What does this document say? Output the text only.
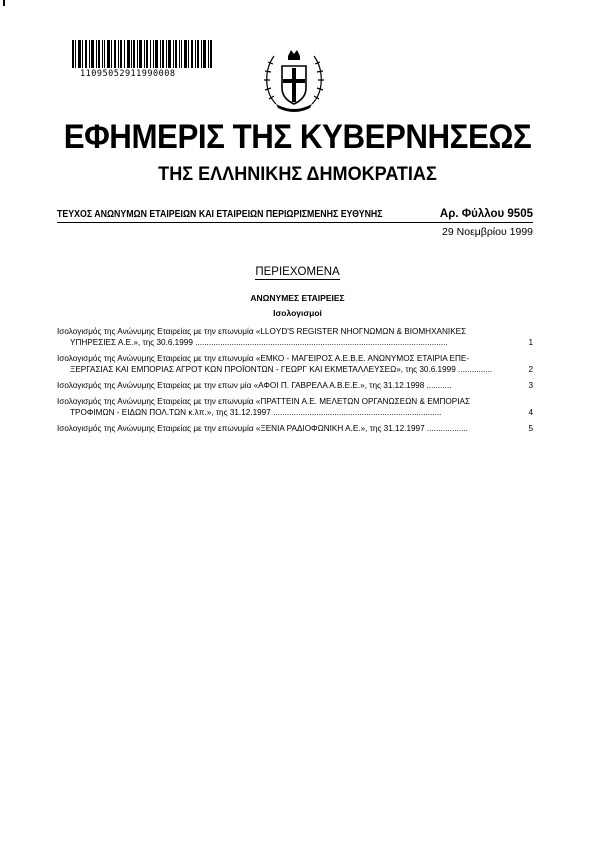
11095052911990008
ΕΦΗΜΕΡΙΣ ΤΗΣ ΚΥΒΕΡΝΗΣΕΩΣ
ΤΗΣ ΕΛΛΗΝΙΚΗΣ ΔΗΜΟΚΡΑΤΙΑΣ
ΤΕΥΧΟΣ ΑΝΩΝΥΜΩΝ ΕΤΑΙΡΕΙΩΝ ΚΑΙ ΕΤΑΙΡΕΙΩΝ ΠΕΡΙΩΡΙΣΜΕΝΗΣ ΕΥΘΥΝΗΣ	Αρ. Φύλλου 9505
29 Νοεμβρίου 1999
ΠΕΡΙΕΧΟΜΕΝΑ
ΑΝΩΝΥΜΕΣ ΕΤΑΙΡΕΙΕΣ
Ισολογισμοί
Ισολογισμός της Ανώνυμης Εταιρείας με την επωνυμία «LLOYD'S REGISTER ΝΗΟΓΝΩΜΩΝ & ΒΙΟΜΗΧΑΝΙΚΕΣ
ΥΠΗΡΕΣΙΕΣ Α.Ε.», της 30.6.1999 ...............................................................................................................	1
Ισολογισμός της Ανώνυμης Εταιρείας με την επωνυμία «ΕΜΚΟ - ΜΑΓΕΙΡΟΣ Α.Ε.Β.Ε. ΑΝΩΝΥΜΟΣ ΕΤΑΙΡΙΑ ΕΠΕ-
ΞΕΡΓΑΣΙΑΣ ΚΑΙ ΕΜΠΟΡΙΑΣ ΑΓΡΟΤ ΚΩΝ ΠΡΟΪΟΝΤΩΝ - ΓΕΩΡΓ ΚΑΙ ΕΚΜΕΤΑΛΛΕΥΣΕΩ», της 30.6.1999 ...............	2
Ισολογισμός της Ανώνυμης Εταιρείας με την επων μία «ΑΦΟΙ Π. ΓΑΒΡΕΛΑ Α.Β.Ε.Ε.», της 31.12.1998 ...........	3
Ισολογισμός της Ανώνυμης Εταιρείας με την επωνυμία «ΠΡΑΤΤΕΙΝ Α.Ε. ΜΕΛΕΤΩΝ ΟΡΓΑΝΩΣΕΩΝ & ΕΜΠΟΡΙΑΣ
ΤΡΟΦΙΜΩΝ - ΕΙΔΩΝ ΠΟΛ.ΤΩΝ κ.λπ.», της 31.12.1997 ..........................................................................	4
Ισολογισμός της Ανώνυμης Εταιρείας με την επωνυμία «ΞΕΝΙΑ ΡΑΔΙΟΦΩΝΙΚΗ Α.Ε.», της 31.12.1997 ..................	5
